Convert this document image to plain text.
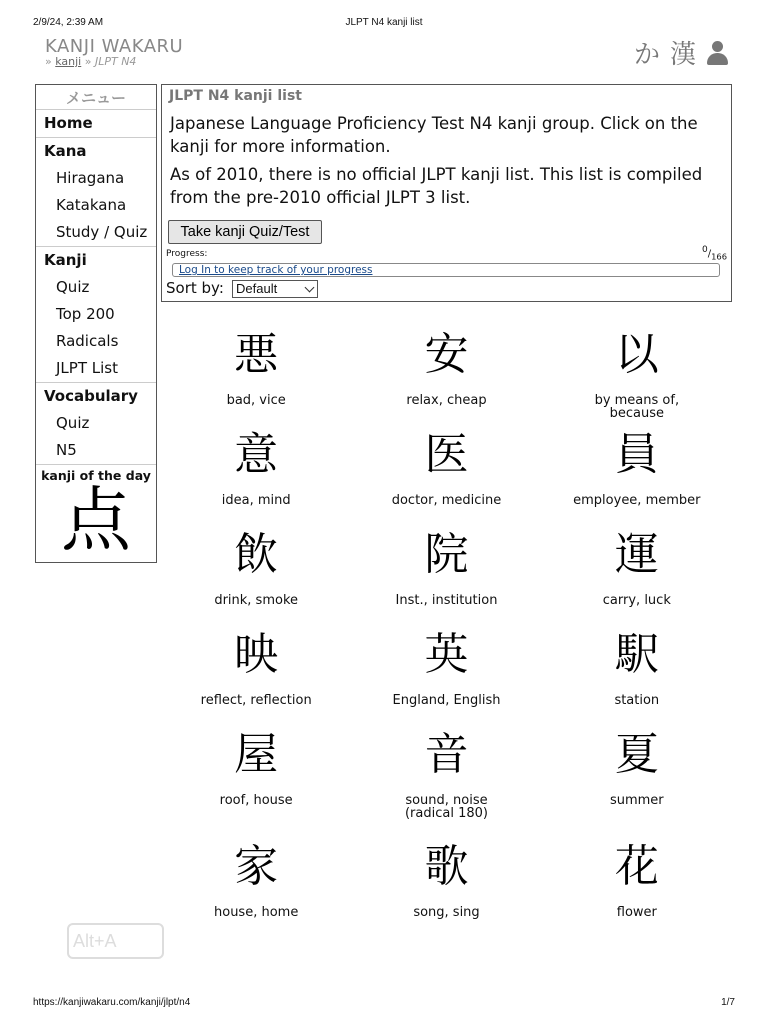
2/9/24, 2:39 AM	JLPT N4 kanji list
KANJI WAKARU
» kanji » JLPT N4	か 漢
メニュー
Home
Kana
Hiragana
Katakana
Study / Quiz
Kanji
Quiz
Top 200
Radicals
JLPT List
Vocabulary
Quiz
N5
kanji of the day
点
JLPT N4 kanji list

Japanese Language Proficiency Test N4 kanji group. Click on the kanji for more information.

As of 2010, there is no official JLPT kanji list. This list is compiled from the pre-2010 official JLPT 3 list.

Take kanji Quiz/Test
Progress:	$^0/_{166}$
Log In to keep track of your progress
Sort by: Default
悪
bad, vice
安
relax, cheap
以
by means of, because
意
idea, mind
医
doctor, medicine
員
employee, member
飲
drink, smoke
院
Inst., institution
運
carry, luck
映
reflect, reflection
英
England, English
駅
station
屋
roof, house
音
sound, noise (radical 180)
夏
summer
家
house, home
歌
song, sing
花
flower
Alt+A
https://kanjiwakaru.com/kanji/jlpt/n4	1/7
